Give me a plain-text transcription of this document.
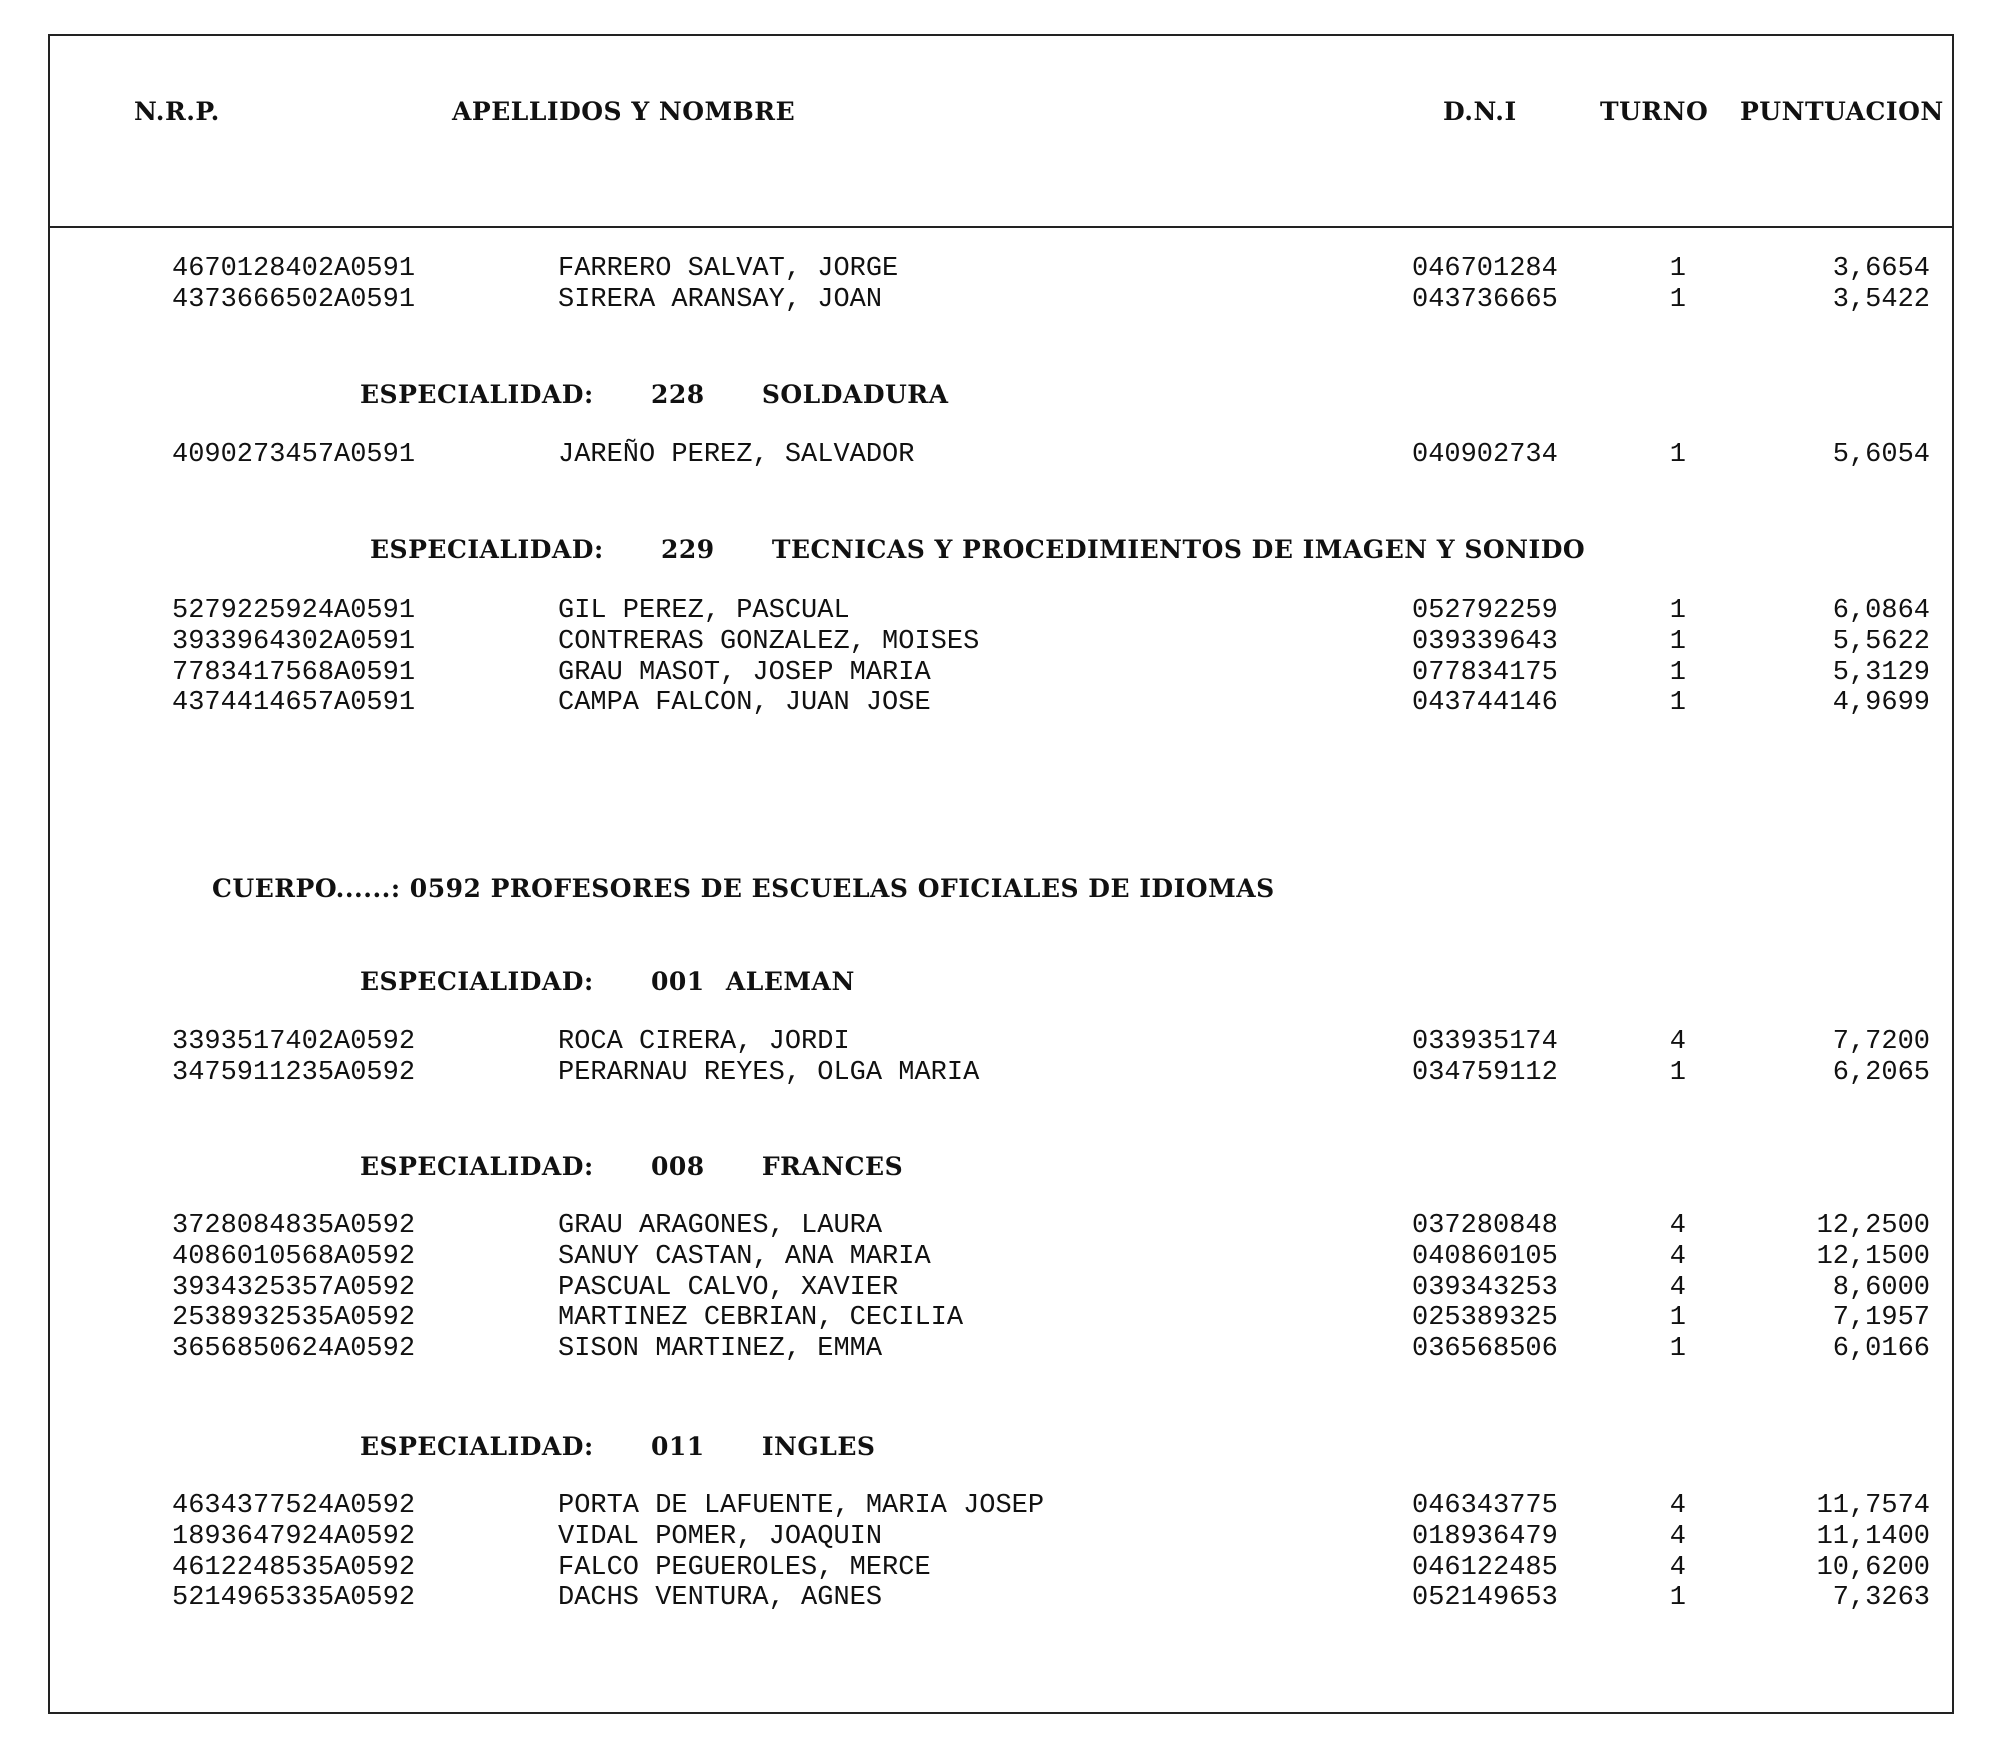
N.R.P.	APELLIDOS Y NOMBRE	D.N.I	TURNO PUNTUACION
ESPECIALIDAD: 228 SOLDADURA
ESPECIALIDAD: 229 TECNICAS Y PROCEDIMIENTOS DE IMAGEN Y SONIDO
CUERPO......: 0592 PROFESORES DE ESCUELAS OFICIALES DE IDIOMAS
ESPECIALIDAD: 001 ALEMAN
ESPECIALIDAD: 008 FRANCES
ESPECIALIDAD: 011 INGLES
4670128402A0591	FARRERO SALVAT, JORGE	046701284	1	3,6654
4373666502A0591	SIRERA ARANSAY, JOAN	043736665	1	3,5422
4090273457A0591	JAREÑO PEREZ, SALVADOR	040902734	1	5,6054
5279225924A0591	GIL PEREZ, PASCUAL	052792259	1	6,0864
3933964302A0591	CONTRERAS GONZALEZ, MOISES	039339643	1	5,5622
7783417568A0591	GRAU MASOT, JOSEP MARIA	077834175	1	5,3129
4374414657A0591	CAMPA FALCON, JUAN JOSE	043744146	1	4,9699
3393517402A0592	ROCA CIRERA, JORDI	033935174	4	7,7200
3475911235A0592	PERARNAU REYES, OLGA MARIA	034759112	1	6,2065
3728084835A0592	GRAU ARAGONES, LAURA	037280848	4	12,2500
4086010568A0592	SANUY CASTAN, ANA MARIA	040860105	4	12,1500
3934325357A0592	PASCUAL CALVO, XAVIER	039343253	4	8,6000
2538932535A0592	MARTINEZ CEBRIAN, CECILIA	025389325	1	7,1957
3656850624A0592	SISON MARTINEZ, EMMA	036568506	1	6,0166
4634377524A0592	PORTA DE LAFUENTE, MARIA JOSEP	046343775	4	11,7574
1893647924A0592	VIDAL POMER, JOAQUIN	018936479	4	11,1400
4612248535A0592	FALCO PEGUEROLES, MERCE	046122485	4	10,6200
5214965335A0592	DACHS VENTURA, AGNES	052149653	1	7,3263
